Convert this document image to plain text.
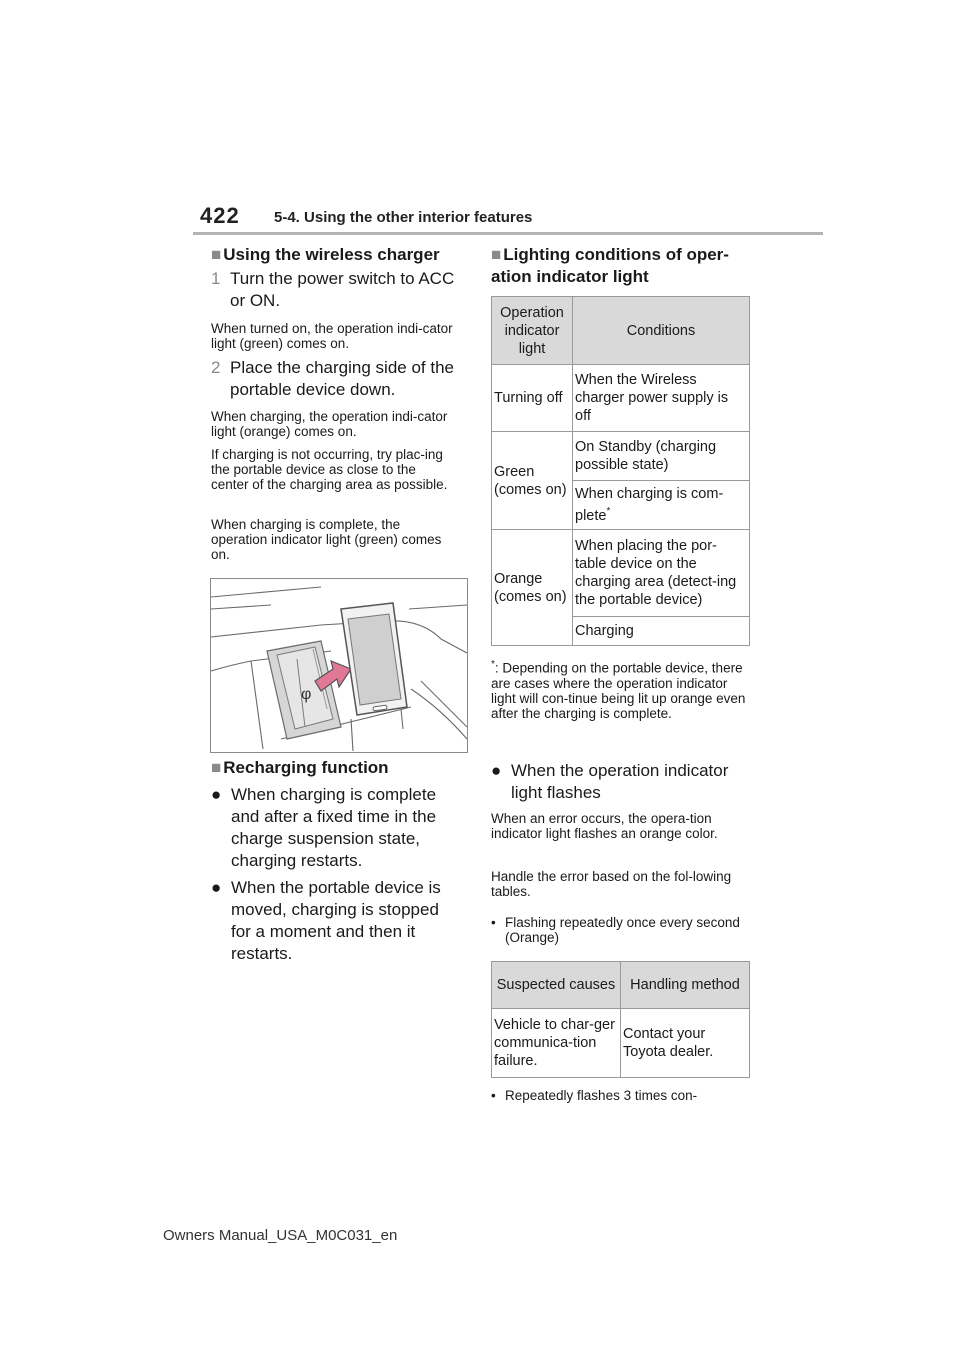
422 5-4. Using the other interior features
■ Using the wireless charger
1 Turn the power switch to ACC or ON.
When turned on, the operation indi-cator light (green) comes on.
2 Place the charging side of the portable device down.
When charging, the operation indi-cator light (orange) comes on.
If charging is not occurring, try plac-ing the portable device as close to the center of the charging area as possible.
When charging is complete, the operation indicator light (green) comes on.
φ
■ Recharging function
● When charging is complete and after a fixed time in the charge suspension state, charging restarts.
● When the portable device is moved, charging is stopped for a moment and then it restarts.
■ Lighting conditions of oper-ation indicator light
Operation indicator light	Conditions
Turning off	When the Wireless charger power supply is off
Green (comes on)	On Standby (charging possible state)
	When charging is com-plete*
Orange (comes on)	When placing the por-table device on the charging area (detect-ing the portable device)
	Charging
*: Depending on the portable device, there are cases where the operation indicator light will con-tinue being lit up orange even after the charging is complete.
● When the operation indicator light flashes
When an error occurs, the opera-tion indicator light flashes an orange color.
Handle the error based on the fol-lowing tables.
• Flashing repeatedly once every second (Orange)
Suspected causes	Handling method
Vehicle to char-ger communica-tion failure.	Contact your Toyota dealer.
• Repeatedly flashes 3 times con-
Owners Manual_USA_M0C031_en
